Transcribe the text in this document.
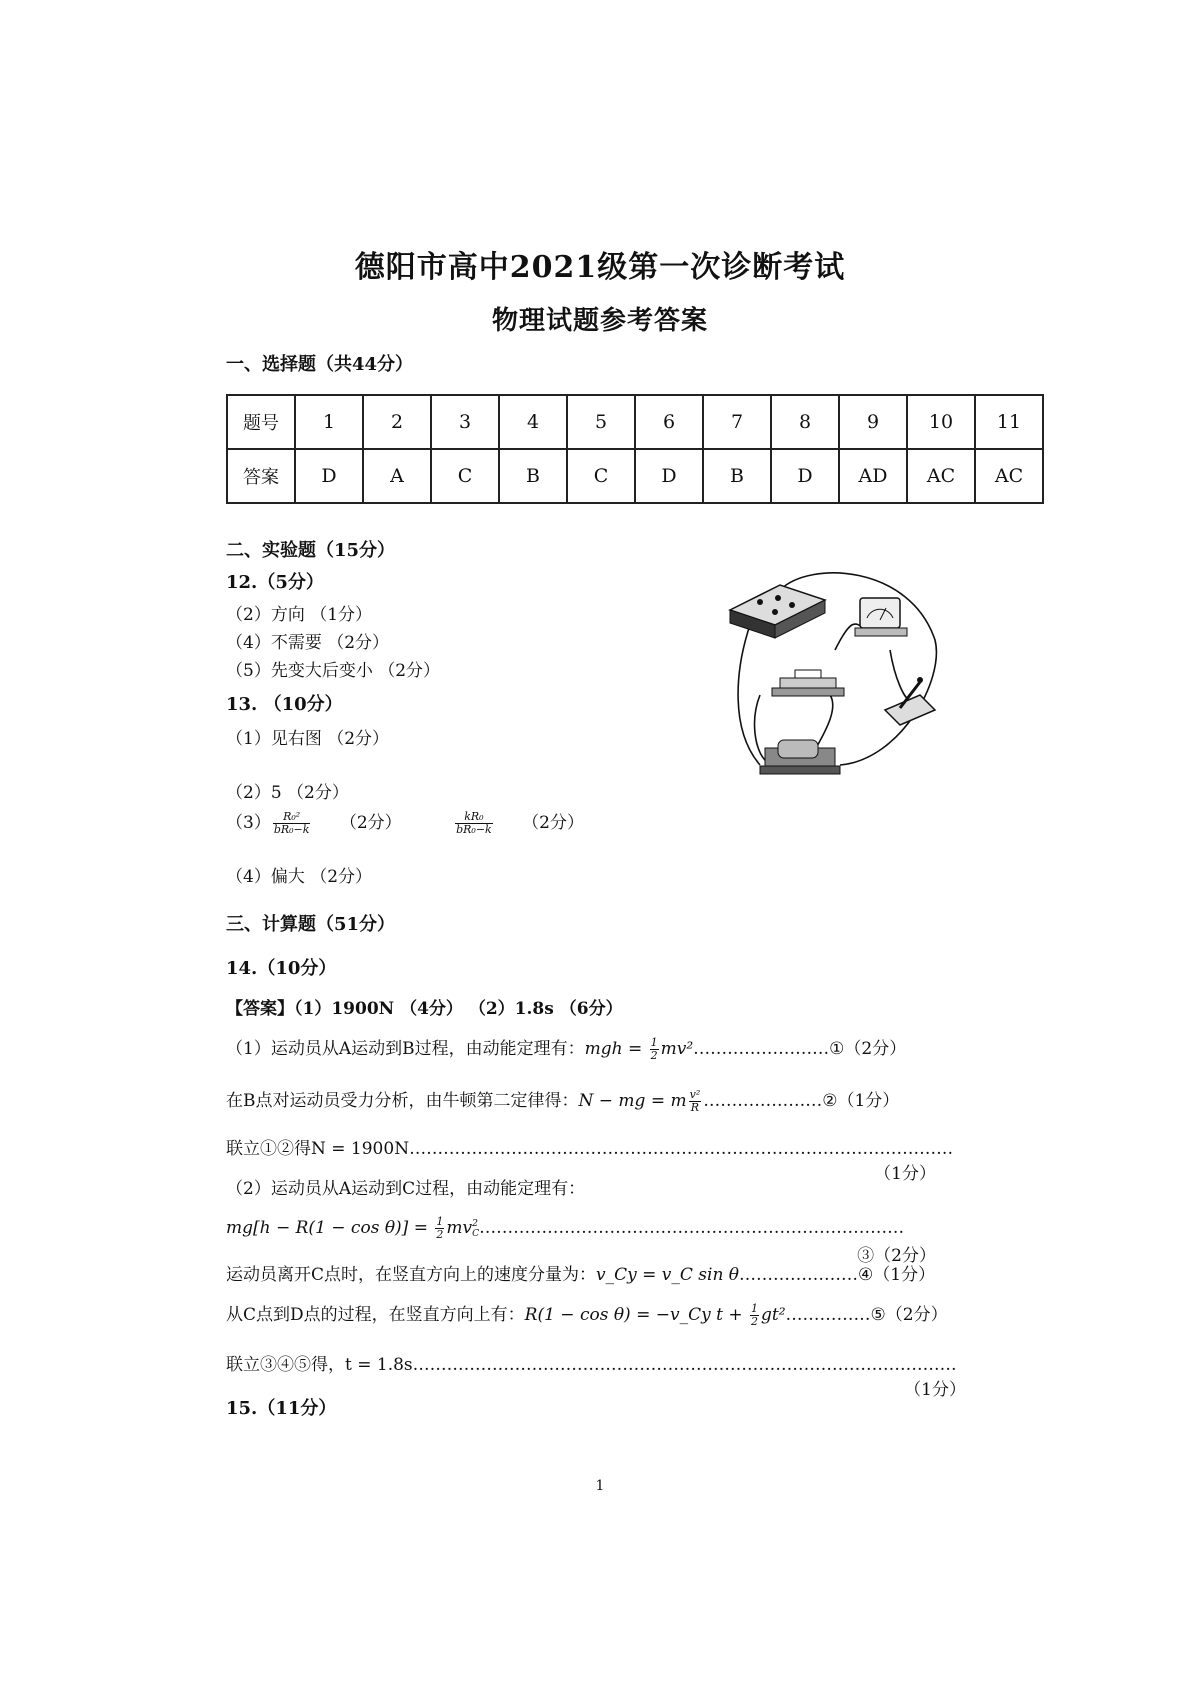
德阳市高中2021级第一次诊断考试
物理试题参考答案
一、选择题（共44分）
题号	1	2	3	4	5	6	7	8	9	10	11
答案	D	A	C	B	C	D	B	D	AD	AC	AC
二、实验题（15分）
12.（5分）
（2）方向 （1分）
（4）不需要 （2分）
（5）先变大后变小 （2分）
13. （10分）
（1）见右图 （2分）
（2）5 （2分）
$(3) \frac{\text{R₀²}}{\text{bR₀−k}} (2$分）	$\frac{\text{kR₀}}{\text{bR₀−k}} (2$分）
（4）偏大 （2分）
三、计算题（51分）
14.（10分）
【答案】（1）1900N （4分） （2）1.8s （6分）
（1）运动员从A运动到B过程，由动能定理有：mgh = $\frac{1}{2}$ mv²……………………①（2分）
在B点对运动员受力分析，由牛顿第二定律得：N − mg = m $\frac{\text{v²}}{R}$ …………………②（1分）
联立①②得N = 1900N……………………………………………………………………………………
（1分）
（2）运动员从A运动到C过程，由动能定理有：
$mg[h - R(1 - \cos \theta)] = \frac{1}{2}$ mv 2
C …………………………………………………………………
③（2分）
运动员离开C点时，在竖直方向上的速度分量为：v_Cy = v_C sin θ…………………④（1分）
从C点到D点的过程，在竖直方向上有：R(1 − cos θ) = −v_Cy $t + \frac{1}{2}$ gt²……………⑤（2分）
联立③④⑤得，t = 1.8s……………………………………………………………………………………
（1分）
15.（11分）
1
